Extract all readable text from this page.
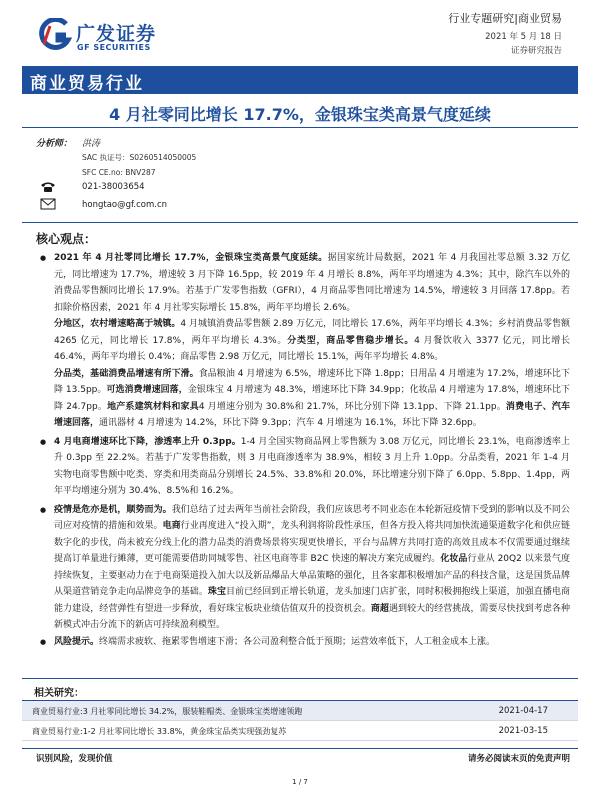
广发证券
GF SECURITIES
行业专题研究|商业贸易
2021 年 5 月 18 日
证券研究报告
商业贸易行业
4 月社零同比增长 17.7%，金银珠宝类高景气度延续
分析师： 洪涛
SAC 执证号：S0260514050005
SFC CE.no: BNV287
021-38003654
hongtao@gf.com.cn
核心观点：
● 2021 年 4 月社零同比增长 17.7%，金银珠宝类高景气度延续。据国家统计局数据，2021 年 4 月我国社零总额 3.32 万亿元，同比增速为 17.7%，增速较 3 月下降 16.5pp，较 2019 年 4 月增长 8.8%，两年平均增速为 4.3%；其中，除汽车以外的消费品零售额同比增长 17.9%。若基于广发零售指数（GFRI），4 月商品零售同比增速为 14.5%，增速较 3 月回落 17.8pp。若扣除价格因素，2021 年 4 月社零实际增长 15.8%，两年平均增长 2.6%。
分地区，农村增速略高于城镇。4 月城镇消费品零售额 2.89 万亿元，同比增长 17.6%，两年平均增长 4.3%；乡村消费品零售额 4265 亿元，同比增长 17.8%，两年平均增长 4.3%。分类型，商品零售稳步增长。4 月餐饮收入 3377 亿元，同比增长 46.4%，两年平均增长 0.4%；商品零售 2.98 万亿元，同比增长 15.1%，两年平均增长 4.8%。
分品类，基础消费品增速有所下滑。食品粮油 4 月增速为 6.5%，增速环比下降 1.8pp；日用品 4 月增速为 17.2%，增速环比下降 13.5pp。可选消费增速回落，金银珠宝 4 月增速为 48.3%，增速环比下降 34.9pp；化妆品 4 月增速为 17.8%，增速环比下降 24.7pp。地产系建筑材料和家具4 月增速分别为 30.8%和 21.7%，环比分别下降 13.1pp、下降 21.1pp。消费电子、汽车增速回落，通讯器材 4 月增速为 14.2%，环比下降 9.3pp；汽车 4 月增速为 16.1%，环比下降 32.6pp。
● 4 月电商增速环比下降，渗透率上升 0.3pp。1-4 月全国实物商品网上零售额为 3.08 万亿元，同比增长 23.1%，电商渗透率上升 0.3pp 至 22.2%。若基于广发零售指数，则 3 月电商渗透率为 38.9%，相较 3 月上升 1.0pp。分品类看，2021 年 1-4 月实物电商零售额中吃类、穿类和用类商品分别增长 24.5%、33.8%和 20.0%，环比增速分别下降了 6.0pp、5.8pp、1.4pp，两年平均增速分别为 30.4%、8.5%和 16.2%。
● 疫情是危亦是机，顺势而为。我们总结了过去两年当前社会阶段，我们应该思考不同业态在本轮新冠疫情下受到的影响以及不同公司应对疫情的措施和效果。电商行业再度进入“投入期”，龙头利润将阶段性承压，但各方投入将共同加快流通渠道数字化和供应链数字化的步伐，尚未被充分线上化的潜力品类的消费场景将实现更快增长，平台与品牌方共同打造的高效且成本不仅需要通过继续提高订单量进行摊薄，更可能需要借助同城零售、社区电商等非 B2C 快速的解决方案完成履约。化妆品行业从 20Q2 以来景气度持续恢复，主要驱动力在于电商渠道投入加大以及新品爆品大单品策略的强化，且各家都积极增加产品的科技含量，这是国货品牌从渠道营销竞争走向品牌竞争的基础。珠宝目前已经回到正增长轨道，龙头加速门店扩张，同时积极拥抱线上渠道，加强直播电商能力建设，经营弹性有望进一步释放，看好珠宝板块业绩估值双升的投资机会。商超遇到较大的经营挑战，需要尽快找到考虑各种新模式冲击分流下的新店可持续盈利模型。
● 风险提示。终端需求疲软、拖累零售增速下滑；各公司盈利整合低于预期；运营效率低下，人工租金成本上涨。
相关研究：
商业贸易行业:3 月社零同比增长 34.2%，服装鞋帽类、金银珠宝类增速领跑	2021-04-17
商业贸易行业:1-2 月社零同比增长 33.8%，黄金珠宝品类实现强劲复苏	2021-03-15
识别风险，发现价值	请务必阅读末页的免责声明
1 / 7
